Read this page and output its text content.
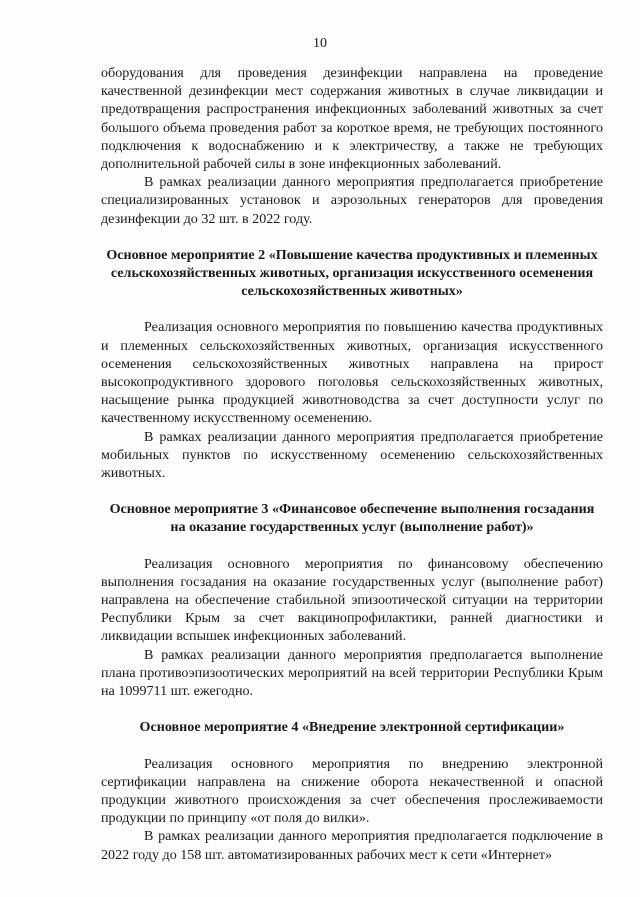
10

оборудования для проведения дезинфекции направлена на проведение качественной дезинфекции мест содержания животных в случае ликвидации и предотвращения распространения инфекционных заболеваний животных за счет большого объема проведения работ за короткое время, не требующих постоянного подключения к водоснабжению и к электричеству, а также не требующих дополнительной рабочей силы в зоне инфекционных заболеваний.

В рамках реализации данного мероприятия предполагается приобретение специализированных установок и аэрозольных генераторов для проведения дезинфекции до 32 шт. в 2022 году.

Основное мероприятие 2 «Повышение качества продуктивных и племенных сельскохозяйственных животных, организация искусственного осеменения сельскохозяйственных животных»

Реализация основного мероприятия по повышению качества продуктивных и племенных сельскохозяйственных животных, организация искусственного осеменения сельскохозяйственных животных направлена на прирост высокопродуктивного здорового поголовья сельскохозяйственных животных, насыщение рынка продукцией животноводства за счет доступности услуг по качественному искусственному осеменению.

В рамках реализации данного мероприятия предполагается приобретение мобильных пунктов по искусственному осеменению сельскохозяйственных животных.

Основное мероприятие 3 «Финансовое обеспечение выполнения госзадания на оказание государственных услуг (выполнение работ)»

Реализация основного мероприятия по финансовому обеспечению выполнения госзадания на оказание государственных услуг (выполнение работ) направлена на обеспечение стабильной эпизоотической ситуации на территории Республики Крым за счет вакцинопрофилактики, ранней диагностики и ликвидации вспышек инфекционных заболеваний.

В рамках реализации данного мероприятия предполагается выполнение плана противоэпизоотических мероприятий на всей территории Республики Крым на 1099711 шт. ежегодно.

Основное мероприятие 4 «Внедрение электронной сертификации»

Реализация основного мероприятия по внедрению электронной сертификации направлена на снижение оборота некачественной и опасной продукции животного происхождения за счет обеспечения прослеживаемости продукции по принципу «от поля до вилки».

В рамках реализации данного мероприятия предполагается подключение в 2022 году до 158 шт. автоматизированных рабочих мест к сети «Интернет»
